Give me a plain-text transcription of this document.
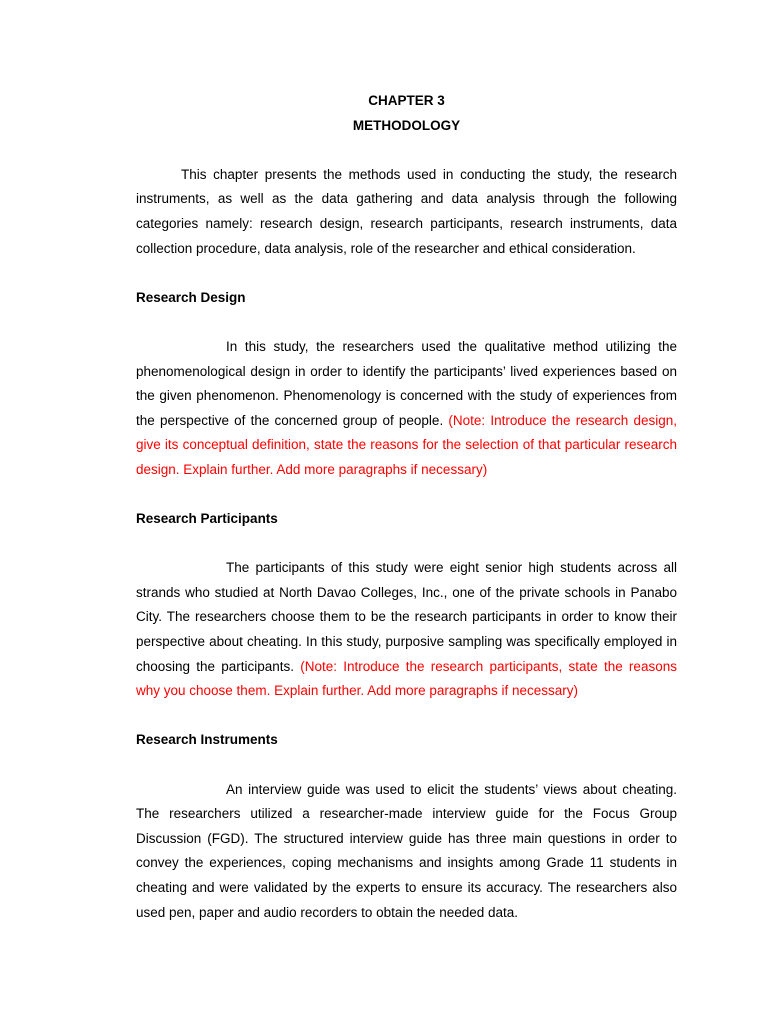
CHAPTER 3

METHODOLOGY

This chapter presents the methods used in conducting the study, the research instruments, as well as the data gathering and data analysis through the following categories namely: research design, research participants, research instruments, data collection procedure, data analysis, role of the researcher and ethical consideration.

Research Design

In this study, the researchers used the qualitative method utilizing the phenomenological design in order to identify the participants’ lived experiences based on the given phenomenon. Phenomenology is concerned with the study of experiences from the perspective of the concerned group of people. (Note: Introduce the research design, give its conceptual definition, state the reasons for the selection of that particular research design. Explain further. Add more paragraphs if necessary)

Research Participants

The participants of this study were eight senior high students across all strands who studied at North Davao Colleges, Inc., one of the private schools in Panabo City. The researchers choose them to be the research participants in order to know their perspective about cheating. In this study, purposive sampling was specifically employed in choosing the participants. (Note: Introduce the research participants, state the reasons why you choose them. Explain further. Add more paragraphs if necessary)

Research Instruments

An interview guide was used to elicit the students’ views about cheating. The researchers utilized a researcher-made interview guide for the Focus Group Discussion (FGD). The structured interview guide has three main questions in order to convey the experiences, coping mechanisms and insights among Grade 11 students in cheating and were validated by the experts to ensure its accuracy. The researchers also used pen, paper and audio recorders to obtain the needed data.
